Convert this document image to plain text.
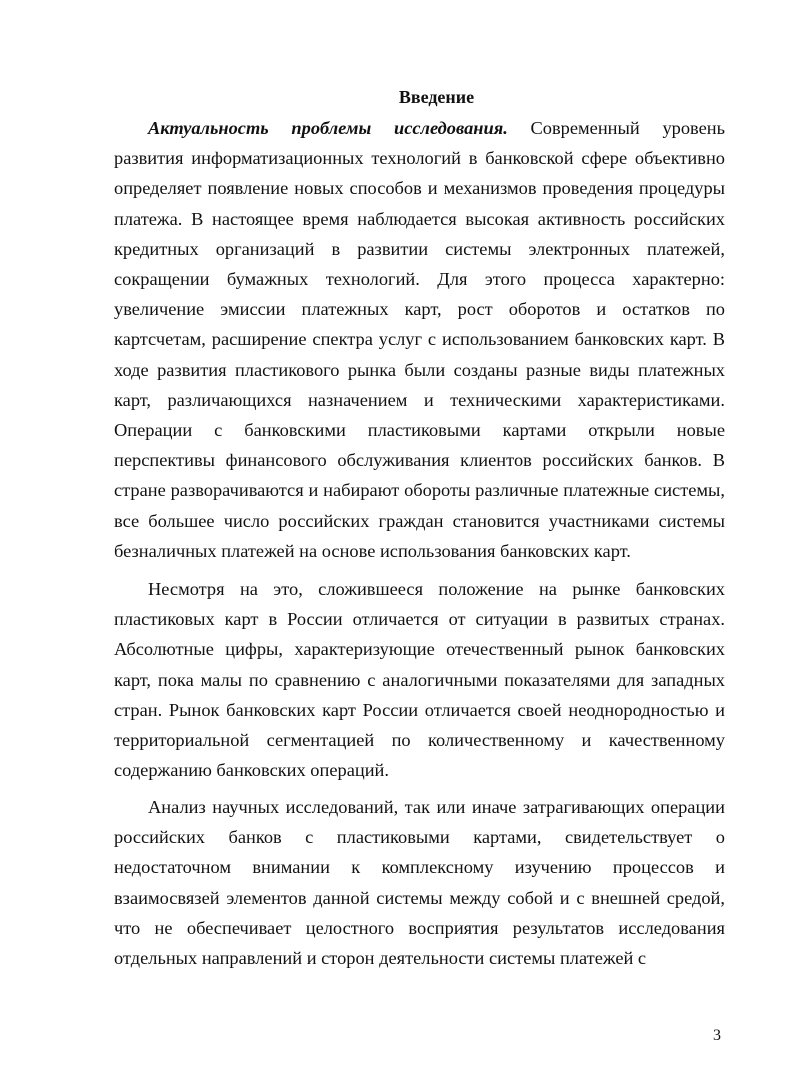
Введение

Актуальность проблемы исследования. Современный уровень развития информатизационных технологий в банковской сфере объективно определяет появление новых способов и механизмов проведения процедуры платежа. В настоящее время наблюдается высокая активность российских кредитных организаций в развитии системы электронных платежей, сокращении бумажных технологий. Для этого процесса характерно: увеличение эмиссии платежных карт, рост оборотов и остатков по картсчетам, расширение спектра услуг с использованием банковских карт. В ходе развития пластикового рынка были созданы разные виды платежных карт, различающихся назначением и техническими характеристиками. Операции с банковскими пластиковыми картами открыли новые перспективы финансового обслуживания клиентов российских банков. В стране разворачиваются и набирают обороты различные платежные системы, все большее число российских граждан становится участниками системы безналичных платежей на основе использования банковских карт.

Несмотря на это, сложившееся положение на рынке банковских пластиковых карт в России отличается от ситуации в развитых странах. Абсолютные цифры, характеризующие отечественный рынок банковских карт, пока малы по сравнению с аналогичными показателями для западных стран. Рынок банковских карт России отличается своей неоднородностью и территориальной сегментацией по количественному и качественному содержанию банковских операций.

Анализ научных исследований, так или иначе затрагивающих операции российских банков с пластиковыми картами, свидетельствует о недостаточном внимании к комплексному изучению процессов и взаимосвязей элементов данной системы между собой и с внешней средой, что не обеспечивает целостного восприятия результатов исследования отдельных направлений и сторон деятельности системы платежей с

3
